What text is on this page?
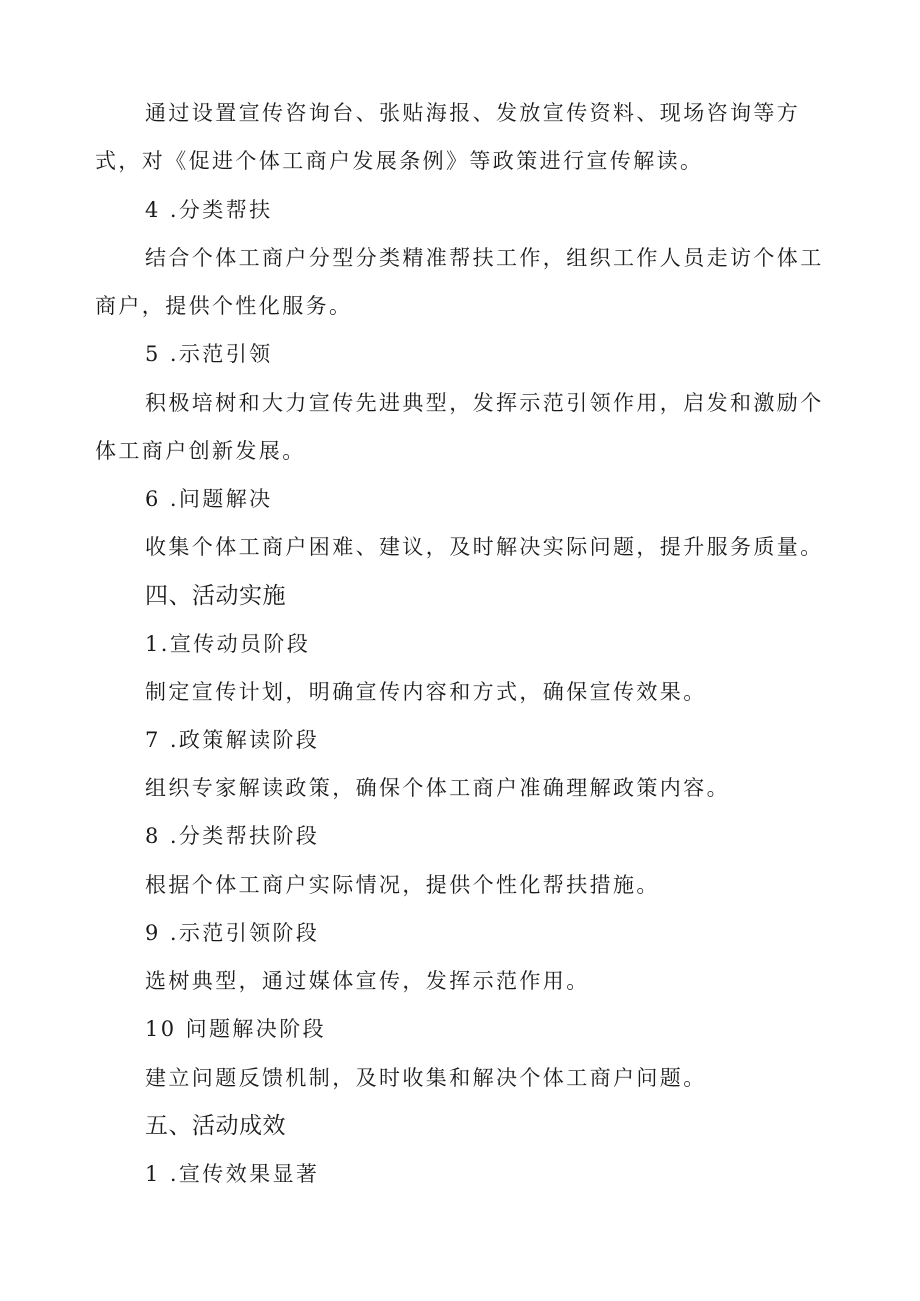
通过设置宣传咨询台、张贴海报、发放宣传资料、现场咨询等方
式，对《促进个体工商户发展条例》等政策进行宣传解读。
4 .分类帮扶
结合个体工商户分型分类精准帮扶工作，组织工作人员走访个体工
商户，提供个性化服务。
5 .示范引领
积极培树和大力宣传先进典型，发挥示范引领作用，启发和激励个
体工商户创新发展。
6 .问题解决
收集个体工商户困难、建议，及时解决实际问题，提升服务质量。
四、活动实施
1.宣传动员阶段
制定宣传计划，明确宣传内容和方式，确保宣传效果。
7 .政策解读阶段
组织专家解读政策，确保个体工商户准确理解政策内容。
8 .分类帮扶阶段
根据个体工商户实际情况，提供个性化帮扶措施。
9 .示范引领阶段
选树典型，通过媒体宣传，发挥示范作用。
10 问题解决阶段
建立问题反馈机制，及时收集和解决个体工商户问题。
五、活动成效
1 .宣传效果显著
